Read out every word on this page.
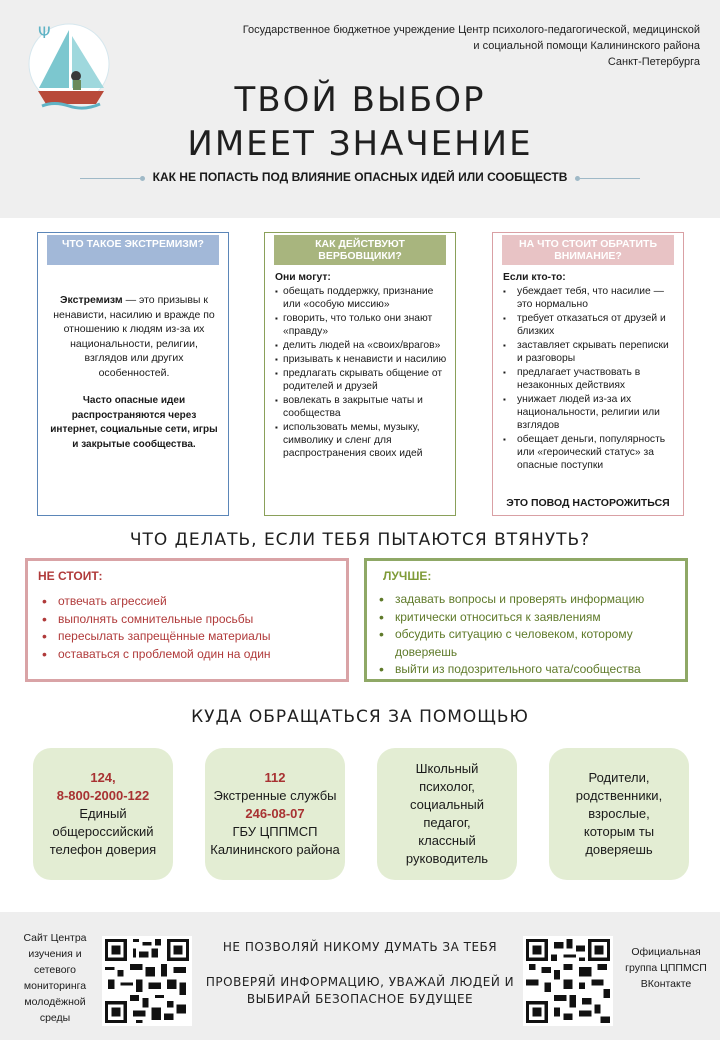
Ψ	Государственное бюджетное учреждение Центр психолого-педагогической, медицинской
и социальной помощи Калининского района
Санкт-Петербурга
ТВОЙ ВЫБОР
ИМЕЕТ ЗНАЧЕНИЕ
КАК НЕ ПОПАСТЬ ПОД ВЛИЯНИЕ ОПАСНЫХ ИДЕЙ ИЛИ СООБЩЕСТВ
ЧТО ТАКОЕ ЭКСТРЕМИЗМ?
Экстремизм — это призывы к ненависти, насилию и вражде по отношению к людям из-за их национальности, религии, взглядов или других особенностей.
Часто опасные идеи распространяются через интернет, социальные сети, игры и закрытые сообщества.
КАК ДЕЙСТВУЮТ ВЕРБОВЩИКИ?
Они могут:
▪ обещать поддержку, признание или «особую миссию»
▪ говорить, что только они знают «правду»
▪ делить людей на «своих/врагов»
▪ призывать к ненависти и насилию
▪ предлагать скрывать общение от родителей и друзей
▪ вовлекать в закрытые чаты и сообщества
▪ использовать мемы, музыку, символику и сленг для распространения своих идей
НА ЧТО СТОИТ ОБРАТИТЬ ВНИМАНИЕ?
Если кто-то:
▪ убеждает тебя, что насилие — это нормально
▪ требует отказаться от друзей и близких
▪ заставляет скрывать переписки и разговоры
▪ предлагает участвовать в незаконных действиях
▪ унижает людей из-за их национальности, религии или взглядов
▪ обещает деньги, популярность или «героический статус» за опасные поступки
ЭТО ПОВОД НАСТОРОЖИТЬСЯ
ЧТО ДЕЛАТЬ, ЕСЛИ ТЕБЯ ПЫТАЮТСЯ ВТЯНУТЬ?
НЕ СТОИТ:
• отвечать агрессией
• выполнять сомнительные просьбы
• пересылать запрещённые материалы
• оставаться с проблемой один на один
ЛУЧШЕ:
• задавать вопросы и проверять информацию
• критически относиться к заявлениям
• обсудить ситуацию с человеком, которому доверяешь
• выйти из подозрительного чата/сообщества
КУДА ОБРАЩАТЬСЯ ЗА ПОМОЩЬЮ
124,
8-800-2000-122
Единый общероссийский телефон доверия
112
Экстренные службы
246-08-07
ГБУ ЦППМСП Калининского района
Школьный психолог, социальный педагог, классный руководитель
Родители, родственники, взрослые, которым ты доверяешь
Сайт Центра изучения и сетевого мониторинга молодёжной среды
НЕ ПОЗВОЛЯЙ НИКОМУ ДУМАТЬ ЗА ТЕБЯ
ПРОВЕРЯЙ ИНФОРМАЦИЮ, УВАЖАЙ ЛЮДЕЙ И ВЫБИРАЙ БЕЗОПАСНОЕ БУДУЩЕЕ
Официальная группа ЦППМСП ВКонтакте
